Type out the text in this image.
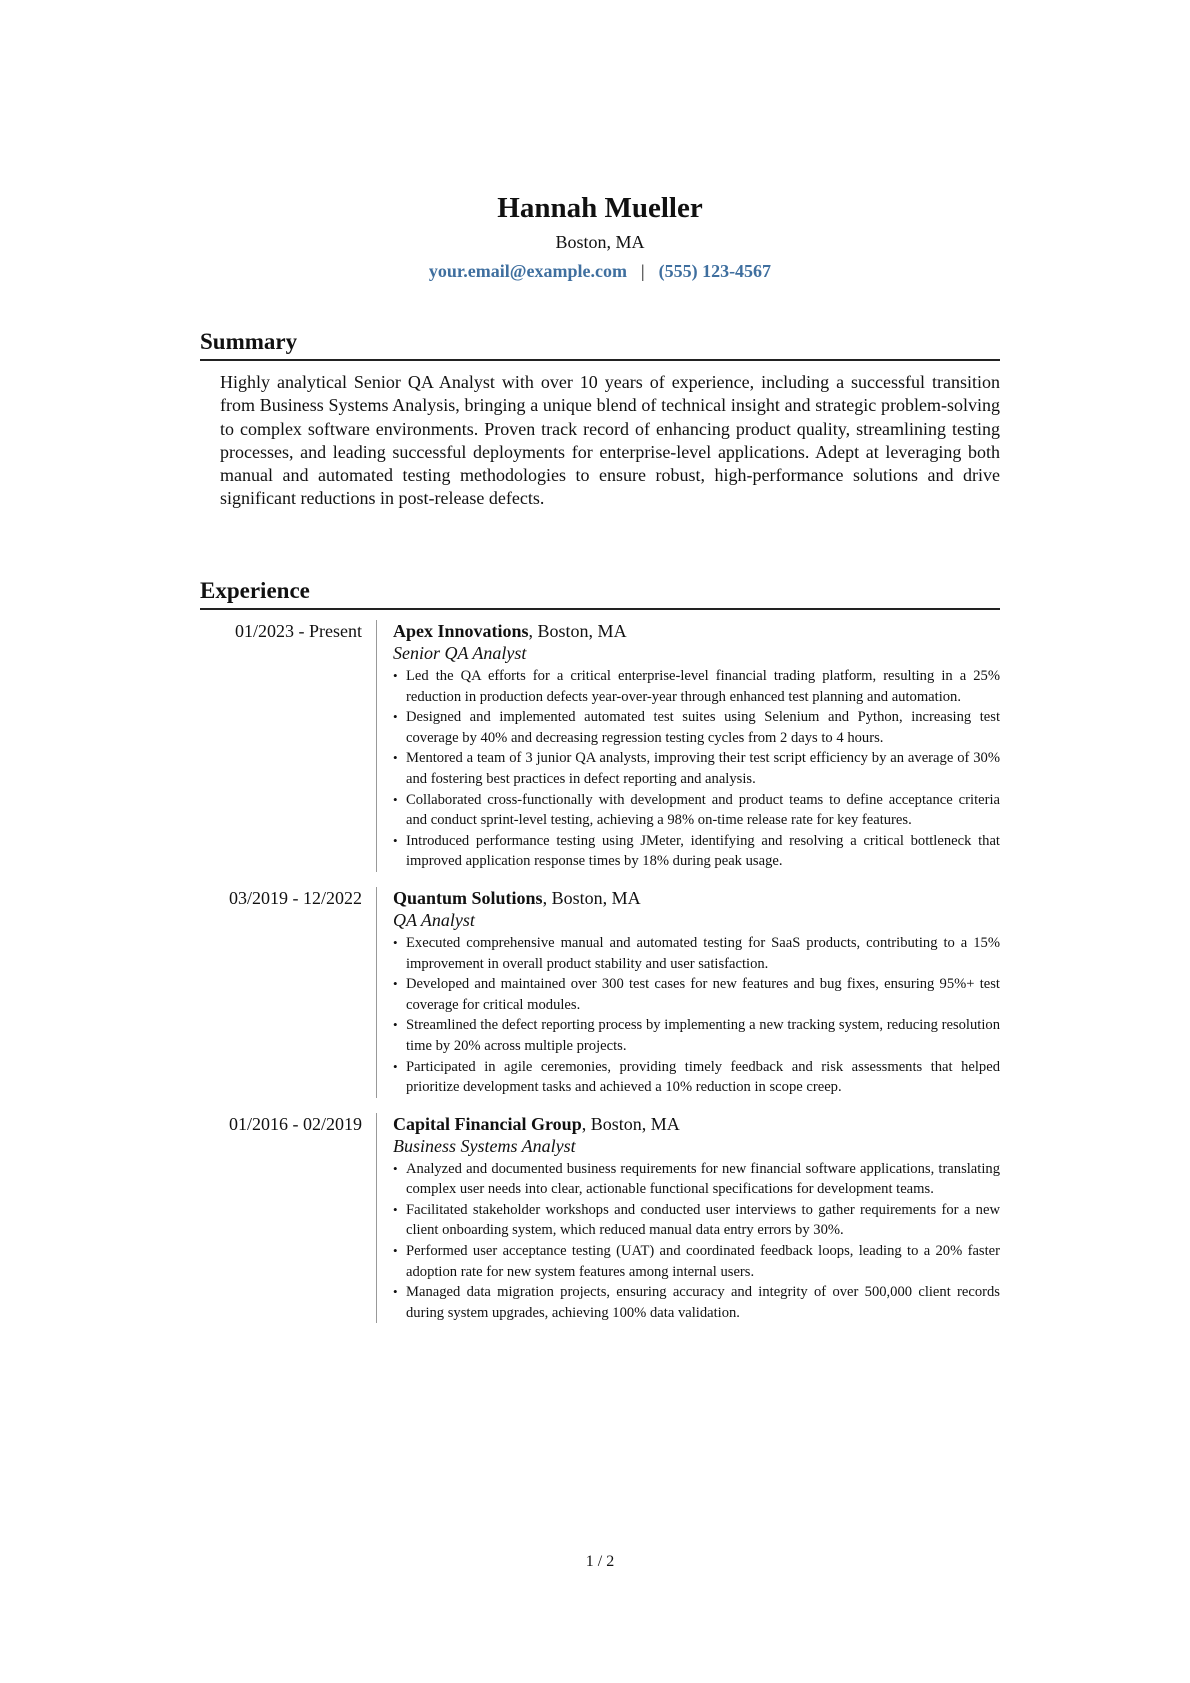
Hannah Mueller
Boston, MA
your.email@example.com | (555) 123-4567
Summary
Highly analytical Senior QA Analyst with over 10 years of experience, including a successful transition from Business Systems Analysis, bringing a unique blend of technical insight and strategic problem-solving to complex software environments. Proven track record of enhancing product quality, streamlining testing processes, and leading successful deployments for enterprise-level applications. Adept at leveraging both manual and automated testing methodologies to ensure robust, high-performance solutions and drive significant reductions in post-release defects.
Experience
01/2023 - Present	Apex Innovations, Boston, MA
Senior QA Analyst
• Led the QA efforts for a critical enterprise-level financial trading platform, resulting in a 25% reduction in production defects year-over-year through enhanced test planning and automation.
• Designed and implemented automated test suites using Selenium and Python, increasing test coverage by 40% and decreasing regression testing cycles from 2 days to 4 hours.
• Mentored a team of 3 junior QA analysts, improving their test script efficiency by an average of 30% and fostering best practices in defect reporting and analysis.
• Collaborated cross-functionally with development and product teams to define acceptance criteria and conduct sprint-level testing, achieving a 98% on-time release rate for key features.
• Introduced performance testing using JMeter, identifying and resolving a critical bottleneck that improved application response times by 18% during peak usage.
03/2019 - 12/2022	Quantum Solutions, Boston, MA
QA Analyst
• Executed comprehensive manual and automated testing for SaaS products, contributing to a 15% improvement in overall product stability and user satisfaction.
• Developed and maintained over 300 test cases for new features and bug fixes, ensuring 95%+ test coverage for critical modules.
• Streamlined the defect reporting process by implementing a new tracking system, reducing resolution time by 20% across multiple projects.
• Participated in agile ceremonies, providing timely feedback and risk assessments that helped prioritize development tasks and achieved a 10% reduction in scope creep.
01/2016 - 02/2019	Capital Financial Group, Boston, MA
Business Systems Analyst
• Analyzed and documented business requirements for new financial software applications, translating complex user needs into clear, actionable functional specifications for development teams.
• Facilitated stakeholder workshops and conducted user interviews to gather requirements for a new client onboarding system, which reduced manual data entry errors by 30%.
• Performed user acceptance testing (UAT) and coordinated feedback loops, leading to a 20% faster adoption rate for new system features among internal users.
• Managed data migration projects, ensuring accuracy and integrity of over 500,000 client records during system upgrades, achieving 100% data validation.
1 / 2
